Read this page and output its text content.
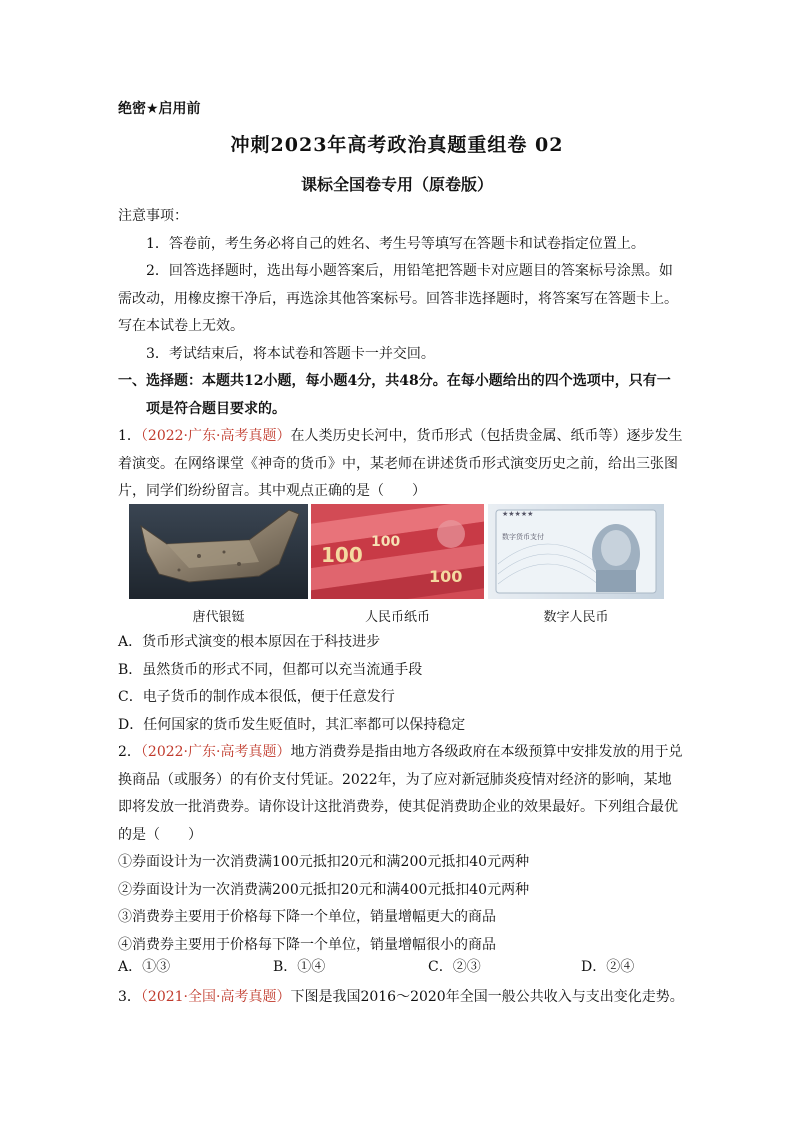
绝密★启用前
冲刺2023年高考政治真题重组卷 02
课标全国卷专用（原卷版）
注意事项：
1．答卷前，考生务必将自己的姓名、考生号等填写在答题卡和试卷指定位置上。
2．回答选择题时，选出每小题答案后，用铅笔把答题卡对应题目的答案标号涂黑。如
需改动，用橡皮擦干净后，再选涂其他答案标号。回答非选择题时，将答案写在答题卡上。
写在本试卷上无效。
3．考试结束后，将本试卷和答题卡一并交回。
一、选择题：本题共12小题，每小题4分，共48分。在每小题给出的四个选项中，只有一
项是符合题目要求的。
1．（2022·广东·高考真题）在人类历史长河中，货币形式（包括贵金属、纸币等）逐步发生
着演变。在网络课堂《神奇的货币》中，某老师在讲述货币形式演变历史之前，给出三张图
片，同学们纷纷留言。其中观点正确的是（　　）
100
100
100
★★★★★
数字货币支付
唐代银铤	人民币纸币	数字人民币
A．货币形式演变的根本原因在于科技进步
B．虽然货币的形式不同，但都可以充当流通手段
C．电子货币的制作成本很低，便于任意发行
D．任何国家的货币发生贬值时，其汇率都可以保持稳定
2．（2022·广东·高考真题）地方消费券是指由地方各级政府在本级预算中安排发放的用于兑
换商品（或服务）的有价支付凭证。2022年，为了应对新冠肺炎疫情对经济的影响，某地
即将发放一批消费券。请你设计这批消费券，使其促消费助企业的效果最好。下列组合最优
的是（　　）
①券面设计为一次消费满100元抵扣20元和满200元抵扣40元两种
②券面设计为一次消费满200元抵扣20元和满400元抵扣40元两种
③消费券主要用于价格每下降一个单位，销量增幅更大的商品
④消费券主要用于价格每下降一个单位，销量增幅很小的商品
A．①③	B．①④	C．②③	D．②④
3．（2021·全国·高考真题）下图是我国2016～2020年全国一般公共收入与支出变化走势。
